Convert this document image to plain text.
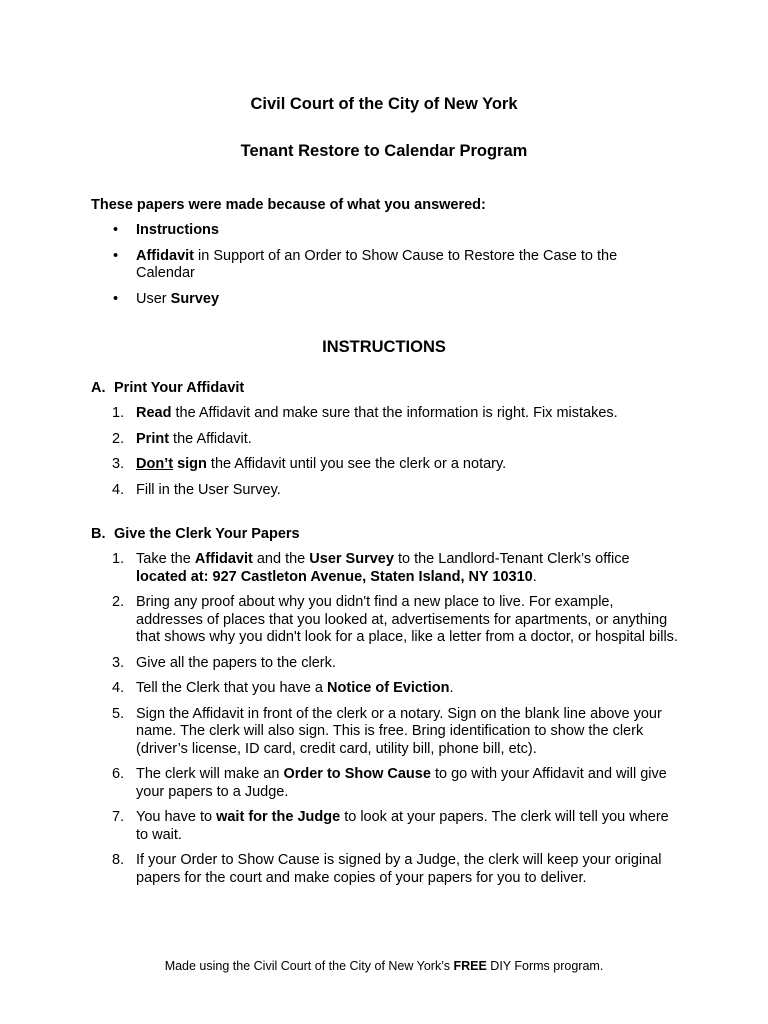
Civil Court of the City of New York
Tenant Restore to Calendar Program

These papers were made because of what you answered:

• Instructions
• Affidavit in Support of an Order to Show Cause to Restore the Case to the Calendar
• User Survey

INSTRUCTIONS

A. Print Your Affidavit

1. Read the Affidavit and make sure that the information is right. Fix mistakes.
2. Print the Affidavit.
3. Don’t sign the Affidavit until you see the clerk or a notary.
4. Fill in the User Survey.

B. Give the Clerk Your Papers

1. Take the Affidavit and the User Survey to the Landlord-Tenant Clerk’s office located at: 927 Castleton Avenue, Staten Island, NY 10310.
2. Bring any proof about why you didn't find a new place to live. For example, addresses of places that you looked at, advertisements for apartments, or anything that shows why you didn't look for a place, like a letter from a doctor, or hospital bills.
3. Give all the papers to the clerk.
4. Tell the Clerk that you have a Notice of Eviction.
5. Sign the Affidavit in front of the clerk or a notary. Sign on the blank line above your name. The clerk will also sign. This is free. Bring identification to show the clerk (driver’s license, ID card, credit card, utility bill, phone bill, etc).
6. The clerk will make an Order to Show Cause to go with your Affidavit and will give your papers to a Judge.
7. You have to wait for the Judge to look at your papers. The clerk will tell you where to wait.
8. If your Order to Show Cause is signed by a Judge, the clerk will keep your original papers for the court and make copies of your papers for you to deliver.

Made using the Civil Court of the City of New York’s FREE DIY Forms program.
